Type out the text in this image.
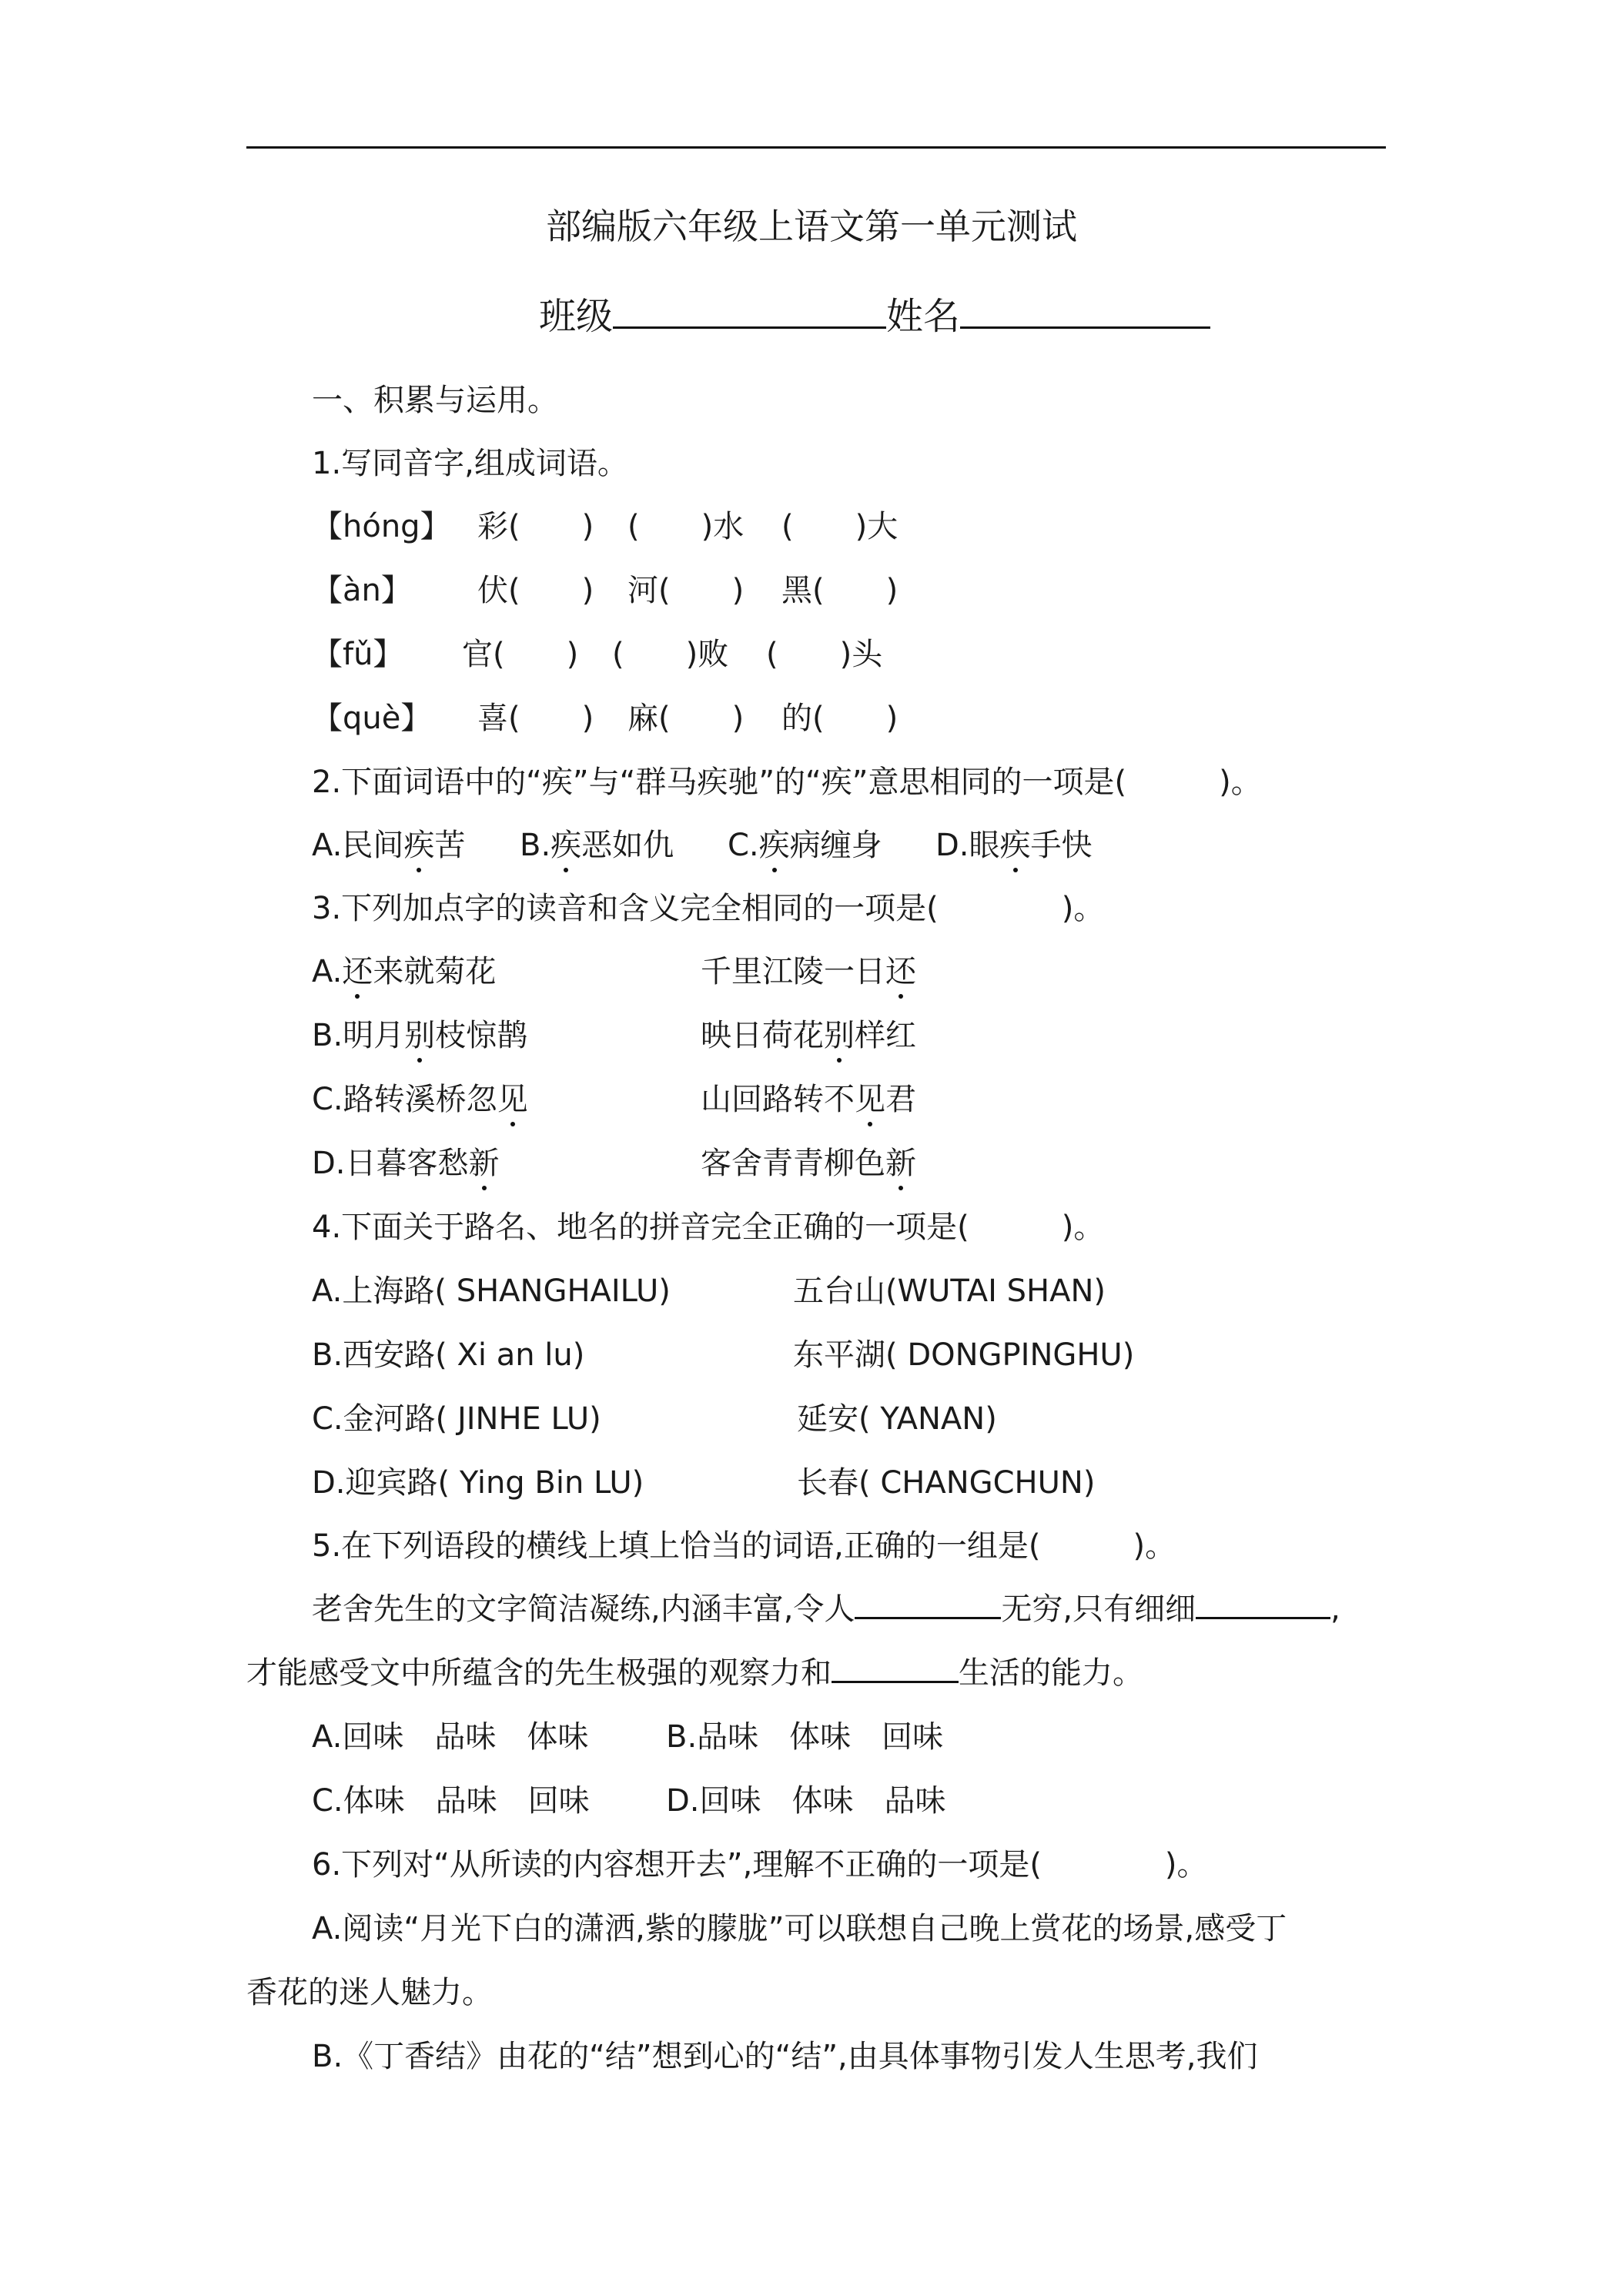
部编版六年级上语文第一单元测试
班级	姓名
一、积累与运用。
1.写同音字,组成词语。
【hóng】 彩(　　) (　　)水 (　　)大
【àn】 伏(　　) 河(　　) 黑(　　)
【fǔ】 官(　　) (　　)败 (　　)头
【què】 喜(　　) 麻(　　) 的(　　)
2.下面词语中的“疾”与“群马疾驰”的“疾”意思相同的一项是(　　　)。
A.民间疾苦 B.疾恶如仇 C.疾病缠身 D.眼疾手快
3.下列加点字的读音和含义完全相同的一项是(　　　　)。
A.还来就菊花	千里江陵一日还
B.明月别枝惊鹊	映日荷花别样红
C.路转溪桥忽见	山回路转不见君
D.日暮客愁新	客舍青青柳色新
4.下面关于路名、地名的拼音完全正确的一项是(　　　)。
A.上海路( SHANGHAILU)	五台山(WUTAI SHAN)
B.西安路( Xi an lu)	东平湖( DONGPINGHU)
C.金河路( JINHE LU)	延安( YANAN)
D.迎宾路( Ying Bin LU)	长春( CHANGCHUN)
5.在下列语段的横线上填上恰当的词语,正确的一组是(　　　)。
老舍先生的文字简洁凝练,内涵丰富,令人	无穷,只有细细	,
才能感受文中所蕴含的先生极强的观察力和	生活的能力。
A.回味　品味　体味	B.品味　体味　回味
C.体味　品味　回味 D.回味　体味　品味
6.下列对“从所读的内容想开去”,理解不正确的一项是(　　　　)。
A.阅读“月光下白的潇洒,紫的朦胧”可以联想自己晚上赏花的场景,感受丁
香花的迷人魅力。
B.《丁香结》由花的“结”想到心的“结”,由具体事物引发人生思考,我们
